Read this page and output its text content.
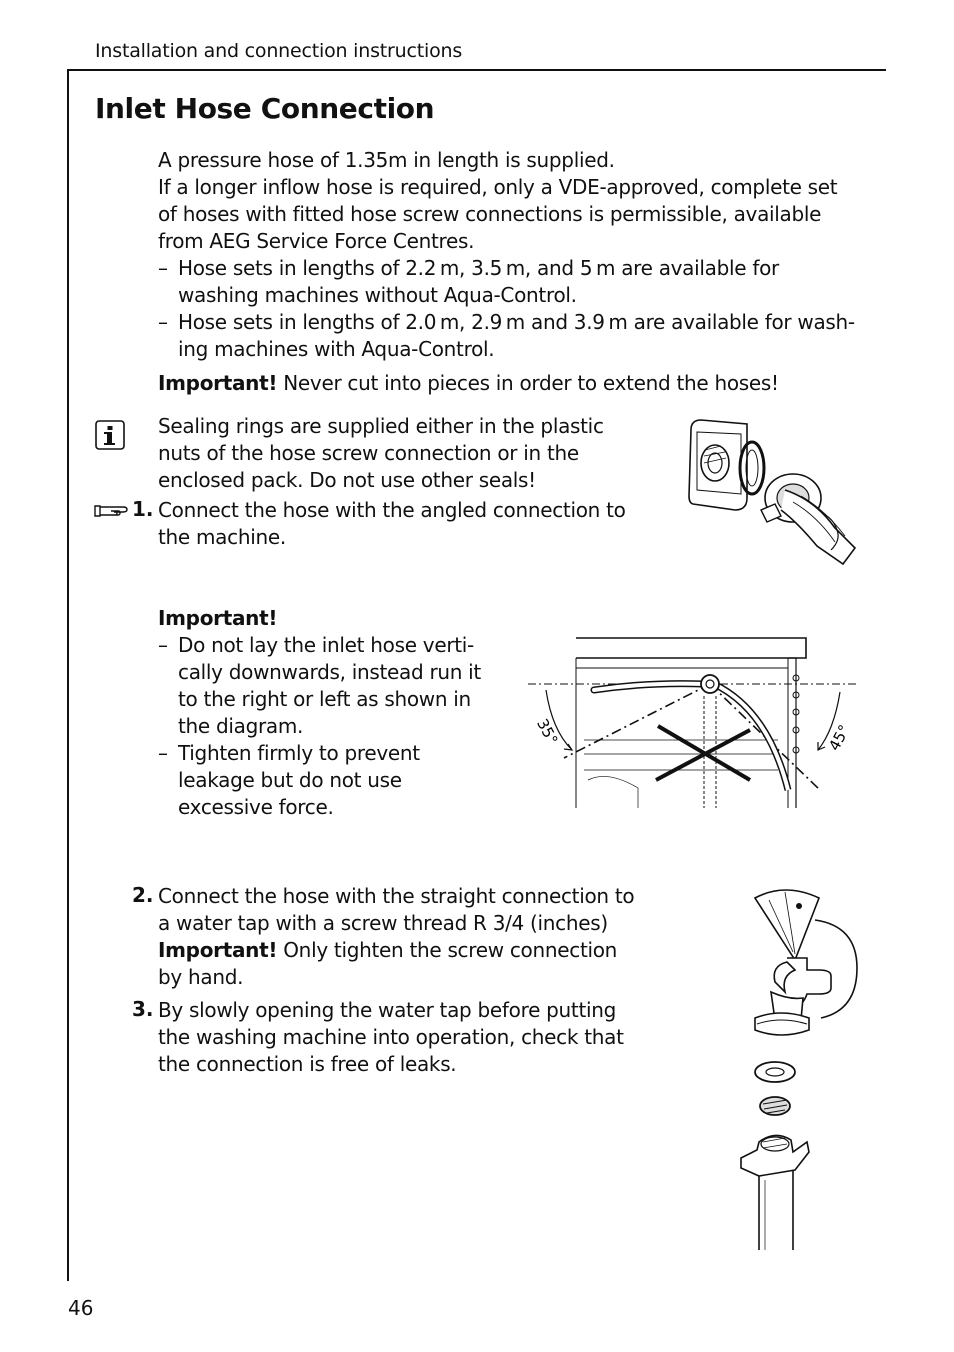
Installation and connection instructions
Inlet Hose Connection

A pressure hose of 1.35m in length is supplied.

If a longer inflow hose is required, only a VDE-approved, complete set of hoses with fitted hose screw connections is permissible, available from AEG Service Force Centres.

– Hose sets in lengths of 2.2 m, 3.5 m, and 5 m are available for washing machines without Aqua-Control.

– Hose sets in lengths of 2.0 m, 2.9 m and 3.9 m are available for wash- ing machines with Aqua-Control.

Important! Never cut into pieces in order to extend the hoses!

Sealing rings are supplied either in the plastic nuts of the hose screw connection or in the enclosed pack. Do not use other seals!
1. Connect the hose with the angled connection to the machine.

Important!

– Do not lay the inlet hose verti- cally downwards, instead run it to the right or left as shown in the diagram.

– Tighten firmly to prevent leakage but do not use excessive force.

35°	45°
2. Connect the hose with the straight connection to a water tap with a screw thread R 3/4 (inches)

Important! Only tighten the screw connection by hand.

3. By slowly opening the water tap before putting the washing machine into operation, check that the connection is free of leaks.
46
